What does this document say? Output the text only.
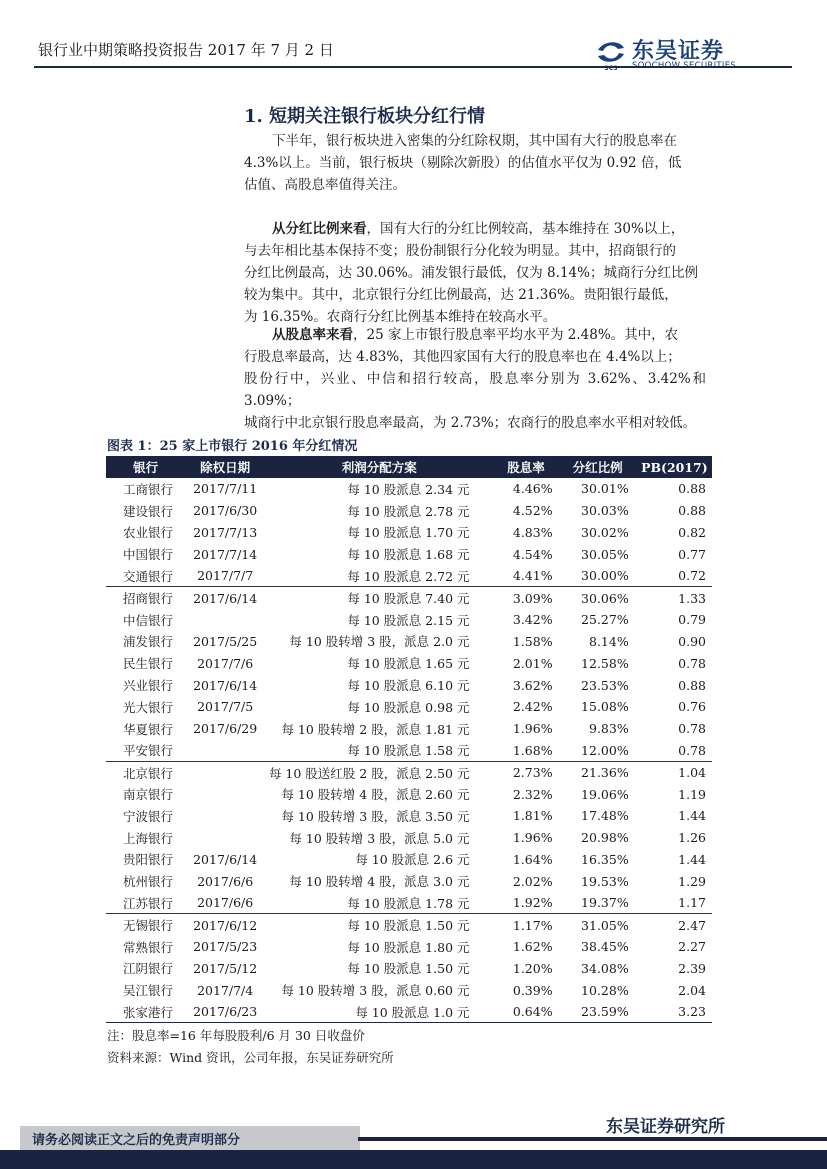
银行业中期策略投资报告 2017 年 7 月 2 日	东吴证券
1. 短期关注银行板块分红行情
下半年，银行板块进入密集的分红除权期，其中国有大行的股息率在
4.3%以上。当前，银行板块（剔除次新股）的估值水平仅为 0.92 倍，低
估值、高股息率值得关注。
从分红比例来看，国有大行的分红比例较高，基本维持在 30%以上，
与去年相比基本保持不变；股份制银行分化较为明显。其中，招商银行的
分红比例最高，达 30.06%。浦发银行最低，仅为 8.14%；城商行分红比例
较为集中。其中，北京银行分红比例最高，达 21.36%。贵阳银行最低，
为 16.35%。农商行分红比例基本维持在较高水平。
从股息率来看，25 家上市银行股息率平均水平为 2.48%。其中，农
行股息率最高，达 4.83%，其他四家国有大行的股息率也在 4.4%以上；
股份行中，兴业、中信和招行较高，股息率分别为 3.62%、3.42%和 3.09%；
城商行中北京银行股息率最高，为 2.73%；农商行的股息率水平相对较低。
图表 1：25 家上市银行 2016 年分红情况
银行	除权日期	利润分配方案	股息率	分红比例	PB(2017)
工商银行	2017/7/11	每 10 股派息 2.34 元	4.46%	30.01%	0.88
建设银行	2017/6/30	每 10 股派息 2.78 元	4.52%	30.03%	0.88
农业银行	2017/7/13	每 10 股派息 1.70 元	4.83%	30.02%	0.82
中国银行	2017/7/14	每 10 股派息 1.68 元	4.54%	30.05%	0.77
交通银行	2017/7/7	每 10 股派息 2.72 元	4.41%	30.00%	0.72
招商银行	2017/6/14	每 10 股派息 7.40 元	3.09%	30.06%	1.33
中信银行		每 10 股派息 2.15 元	3.42%	25.27%	0.79
浦发银行	2017/5/25	每 10 股转增 3 股，派息 2.0 元	1.58%	8.14%	0.90
民生银行	2017/7/6	每 10 股派息 1.65 元	2.01%	12.58%	0.78
兴业银行	2017/6/14	每 10 股派息 6.10 元	3.62%	23.53%	0.88
光大银行	2017/7/5	每 10 股派息 0.98 元	2.42%	15.08%	0.76
华夏银行	2017/6/29	每 10 股转增 2 股，派息 1.81 元	1.96%	9.83%	0.78
平安银行		每 10 股派息 1.58 元	1.68%	12.00%	0.78
北京银行		每 10 股送红股 2 股，派息 2.50 元	2.73%	21.36%	1.04
南京银行		每 10 股转增 4 股，派息 2.60 元	2.32%	19.06%	1.19
宁波银行		每 10 股转增 3 股，派息 3.50 元	1.81%	17.48%	1.44
上海银行		每 10 股转增 3 股，派息 5.0 元	1.96%	20.98%	1.26
贵阳银行	2017/6/14	每 10 股派息 2.6 元	1.64%	16.35%	1.44
杭州银行	2017/6/6	每 10 股转增 4 股，派息 3.0 元	2.02%	19.53%	1.29
江苏银行	2017/6/6	每 10 股派息 1.78 元	1.92%	19.37%	1.17
无锡银行	2017/6/12	每 10 股派息 1.50 元	1.17%	31.05%	2.47
常熟银行	2017/5/23	每 10 股派息 1.80 元	1.62%	38.45%	2.27
江阴银行	2017/5/12	每 10 股派息 1.50 元	1.20%	34.08%	2.39
吴江银行	2017/7/4	每 10 股转增 3 股，派息 0.60 元	0.39%	10.28%	2.04
张家港行	2017/6/23	每 10 股派息 1.0 元	0.64%	23.59%	3.23
注：股息率=16 年每股股利/6 月 30 日收盘价
资料来源：Wind 资讯，公司年报，东吴证券研究所
东吴证券研究所
请务必阅读正文之后的免责声明部分
